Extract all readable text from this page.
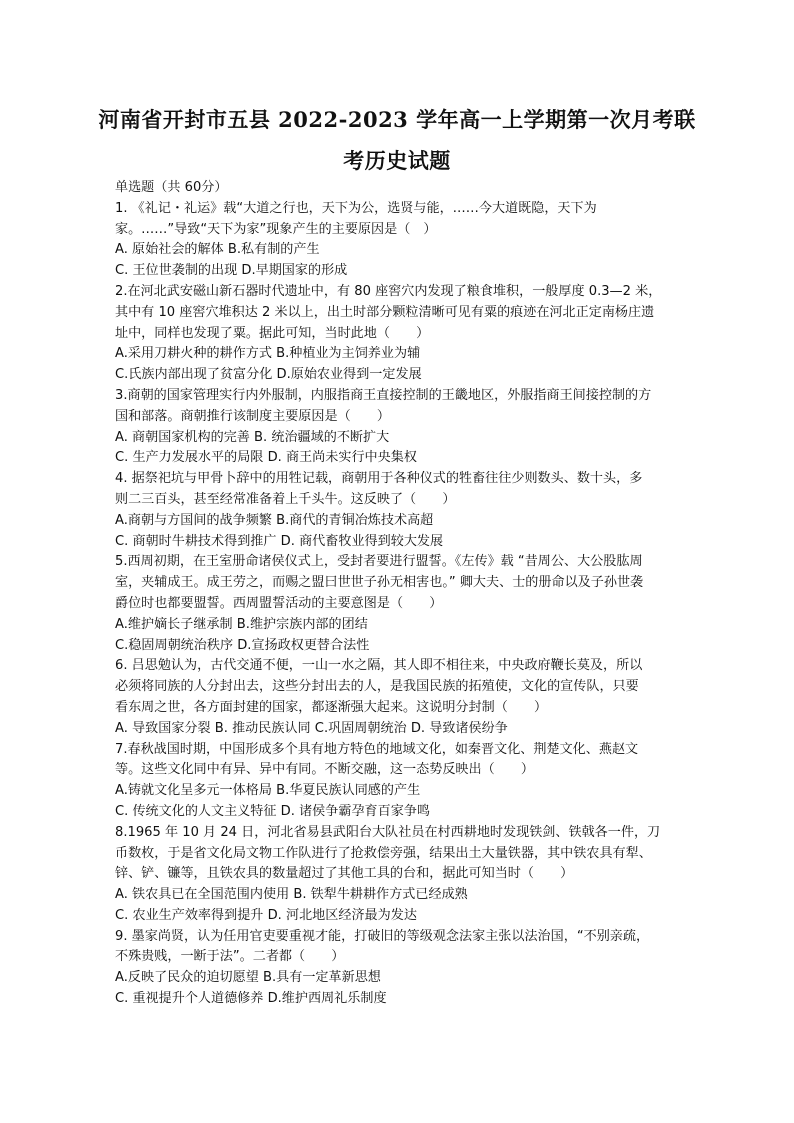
河南省开封市五县 2022-2023 学年高一上学期第一次月考联
考历史试题
单选题（共 60分）
1. 《礼记・礼运》载“大道之行也，天下为公，选贤与能，……今大道既隐，天下为
家。……”导致“天下为家”现象产生的主要原因是（　）
A. 原始社会的解体 B.私有制的产生
C. 王位世袭制的出现 D.早期国家的形成
2.在河北武安磁山新石器时代遗址中，有 80 座窖穴内发现了粮食堆积，一般厚度 0.3—2 米，
其中有 10 座窖穴堆积达 2 米以上，出土时部分颗粒清晰可见有粟的痕迹在河北正定南杨庄遗
址中，同样也发现了粟。据此可知，当时此地（　　）
A.采用刀耕火种的耕作方式 B.种植业为主饲养业为辅
C.氏族内部出现了贫富分化 D.原始农业得到一定发展
3.商朝的国家管理实行内外服制，内服指商王直接控制的王畿地区，外服指商王间接控制的方
国和部落。商朝推行该制度主要原因是（　　）
A. 商朝国家机构的完善 B. 统治疆域的不断扩大
C. 生产力发展水平的局限 D. 商王尚未实行中央集权
4. 据祭祀坑与甲骨卜辞中的用牲记载，商朝用于各种仪式的牲畜往往少则数头、数十头，多
则二三百头，甚至经常准备着上千头牛。这反映了（　　）
A.商朝与方国间的战争频繁 B.商代的青铜冶炼技术高超
C. 商朝时牛耕技术得到推广 D. 商代畜牧业得到较大发展
5.西周初期，在王室册命诸侯仪式上，受封者要进行盟誓。《左传》载 “昔周公、大公股肱周
室，夹辅成王。成王劳之，而赐之盟曰世世子孙无相害也。” 卿大夫、士的册命以及子孙世袭
爵位时也都要盟誓。西周盟誓活动的主要意图是（　　）
A.维护嫡长子继承制 B.维护宗族内部的团结
C.稳固周朝统治秩序 D.宣扬政权更替合法性
6. 吕思勉认为，古代交通不便，一山一水之隔，其人即不相往来，中央政府鞭长莫及，所以
必须将同族的人分封出去，这些分封出去的人，是我国民族的拓殖使，文化的宣传队，只要
看东周之世，各方面封建的国家，都逐渐强大起来。这说明分封制（　　）
A. 导致国家分裂 B. 推动民族认同 C.巩固周朝统治 D. 导致诸侯纷争
7.春秋战国时期，中国形成多个具有地方特色的地域文化，如秦晋文化、荆楚文化、燕赵文
等。这些文化同中有异、异中有同。不断交融，这一态势反映出（　　）
A.铸就文化呈多元一体格局 B.华夏民族认同感的产生
C. 传统文化的人文主义特征 D. 诸侯争霸孕育百家争鸣
8.1965 年 10 月 24 日，河北省易县武阳台大队社员在村西耕地时发现铁剑、铁戟各一件，刀
币数枚，于是省文化局文物工作队进行了抢救偿旁强，结果出土大量铁器，其中铁农具有犁、
锌、铲、镰等，且铁农具的数量超过了其他工具的台和，据此可知当时（　　）
A. 铁农具已在全国范围内使用 B. 铁犁牛耕耕作方式已经成熟
C. 农业生产效率得到提升 D. 河北地区经济最为发达
9. 墨家尚贤，认为任用官吏要重视才能，打破旧的等级观念法家主张以法治国，“不别亲疏，
不殊贵贱，一断于法”。二者都（　　）
A.反映了民众的迫切愿望 B.具有一定革新思想
C. 重视提升个人道德修养 D.维护西周礼乐制度
